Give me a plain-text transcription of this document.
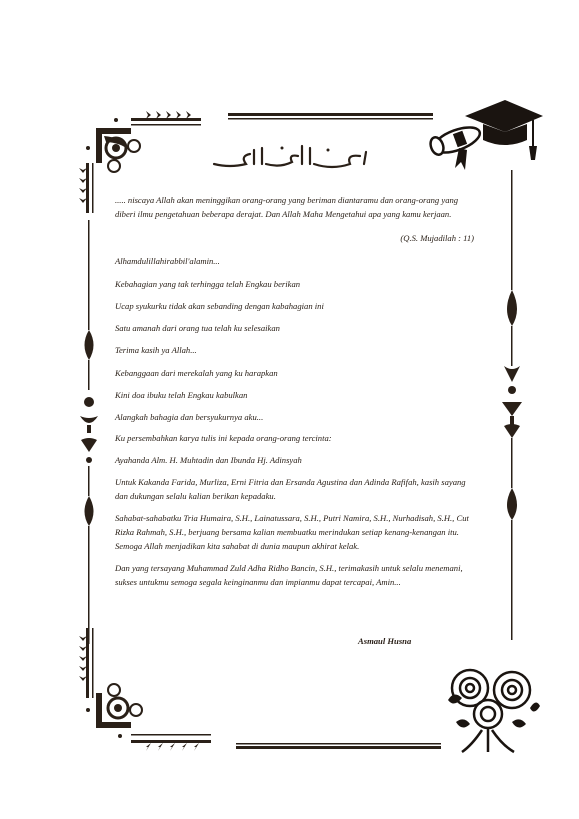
..... niscaya Allah akan meninggikan orang-orang yang beriman diantaramu dan orang-orang yang diberi ilmu pengetahuan beberapa derajat. Dan Allah Maha Mengetahui apa yang kamu kerjaan.
(Q.S. Mujadilah : 11)
Alhamdulillahirabbil'alamin...
Kebahagian yang tak terhingga telah Engkau berikan
Ucap syukurku tidak akan sebanding dengan kabahagian ini
Satu amanah dari orang tua telah ku selesaikan
Terima kasih ya Allah...
Kebanggaan dari merekalah yang ku harapkan
Kini doa ibuku telah Engkau kabulkan
Alangkah bahagia dan bersyukurnya aku...
Ku persembahkan karya tulis ini kepada orang-orang tercinta:
Ayahanda Alm. H. Muhtadin dan Ibunda Hj. Adinsyah
Untuk Kakanda Farida, Murliza, Erni Fitria dan Ersanda Agustina dan Adinda Rafifah, kasih sayang dan dukungan selalu kalian berikan kepadaku.
Sahabat-sahabatku Tria Humaira, S.H., Lainatussara, S.H., Putri Namira, S.H., Nurhadisah, S.H., Cut Rizka Rahmah, S.H., berjuang bersama kalian membuatku merindukan setiap kenang-kenangan itu. Semoga Allah menjadikan kita sahabat di dunia maupun akhirat kelak.
Dan yang tersayang Muhammad Zuld Adha Ridho Bancin, S.H., terimakasih untuk selalu menemani, sukses untukmu semoga segala keinginanmu dan impianmu dapat tercapai, Amin...
Asmaul Husna
